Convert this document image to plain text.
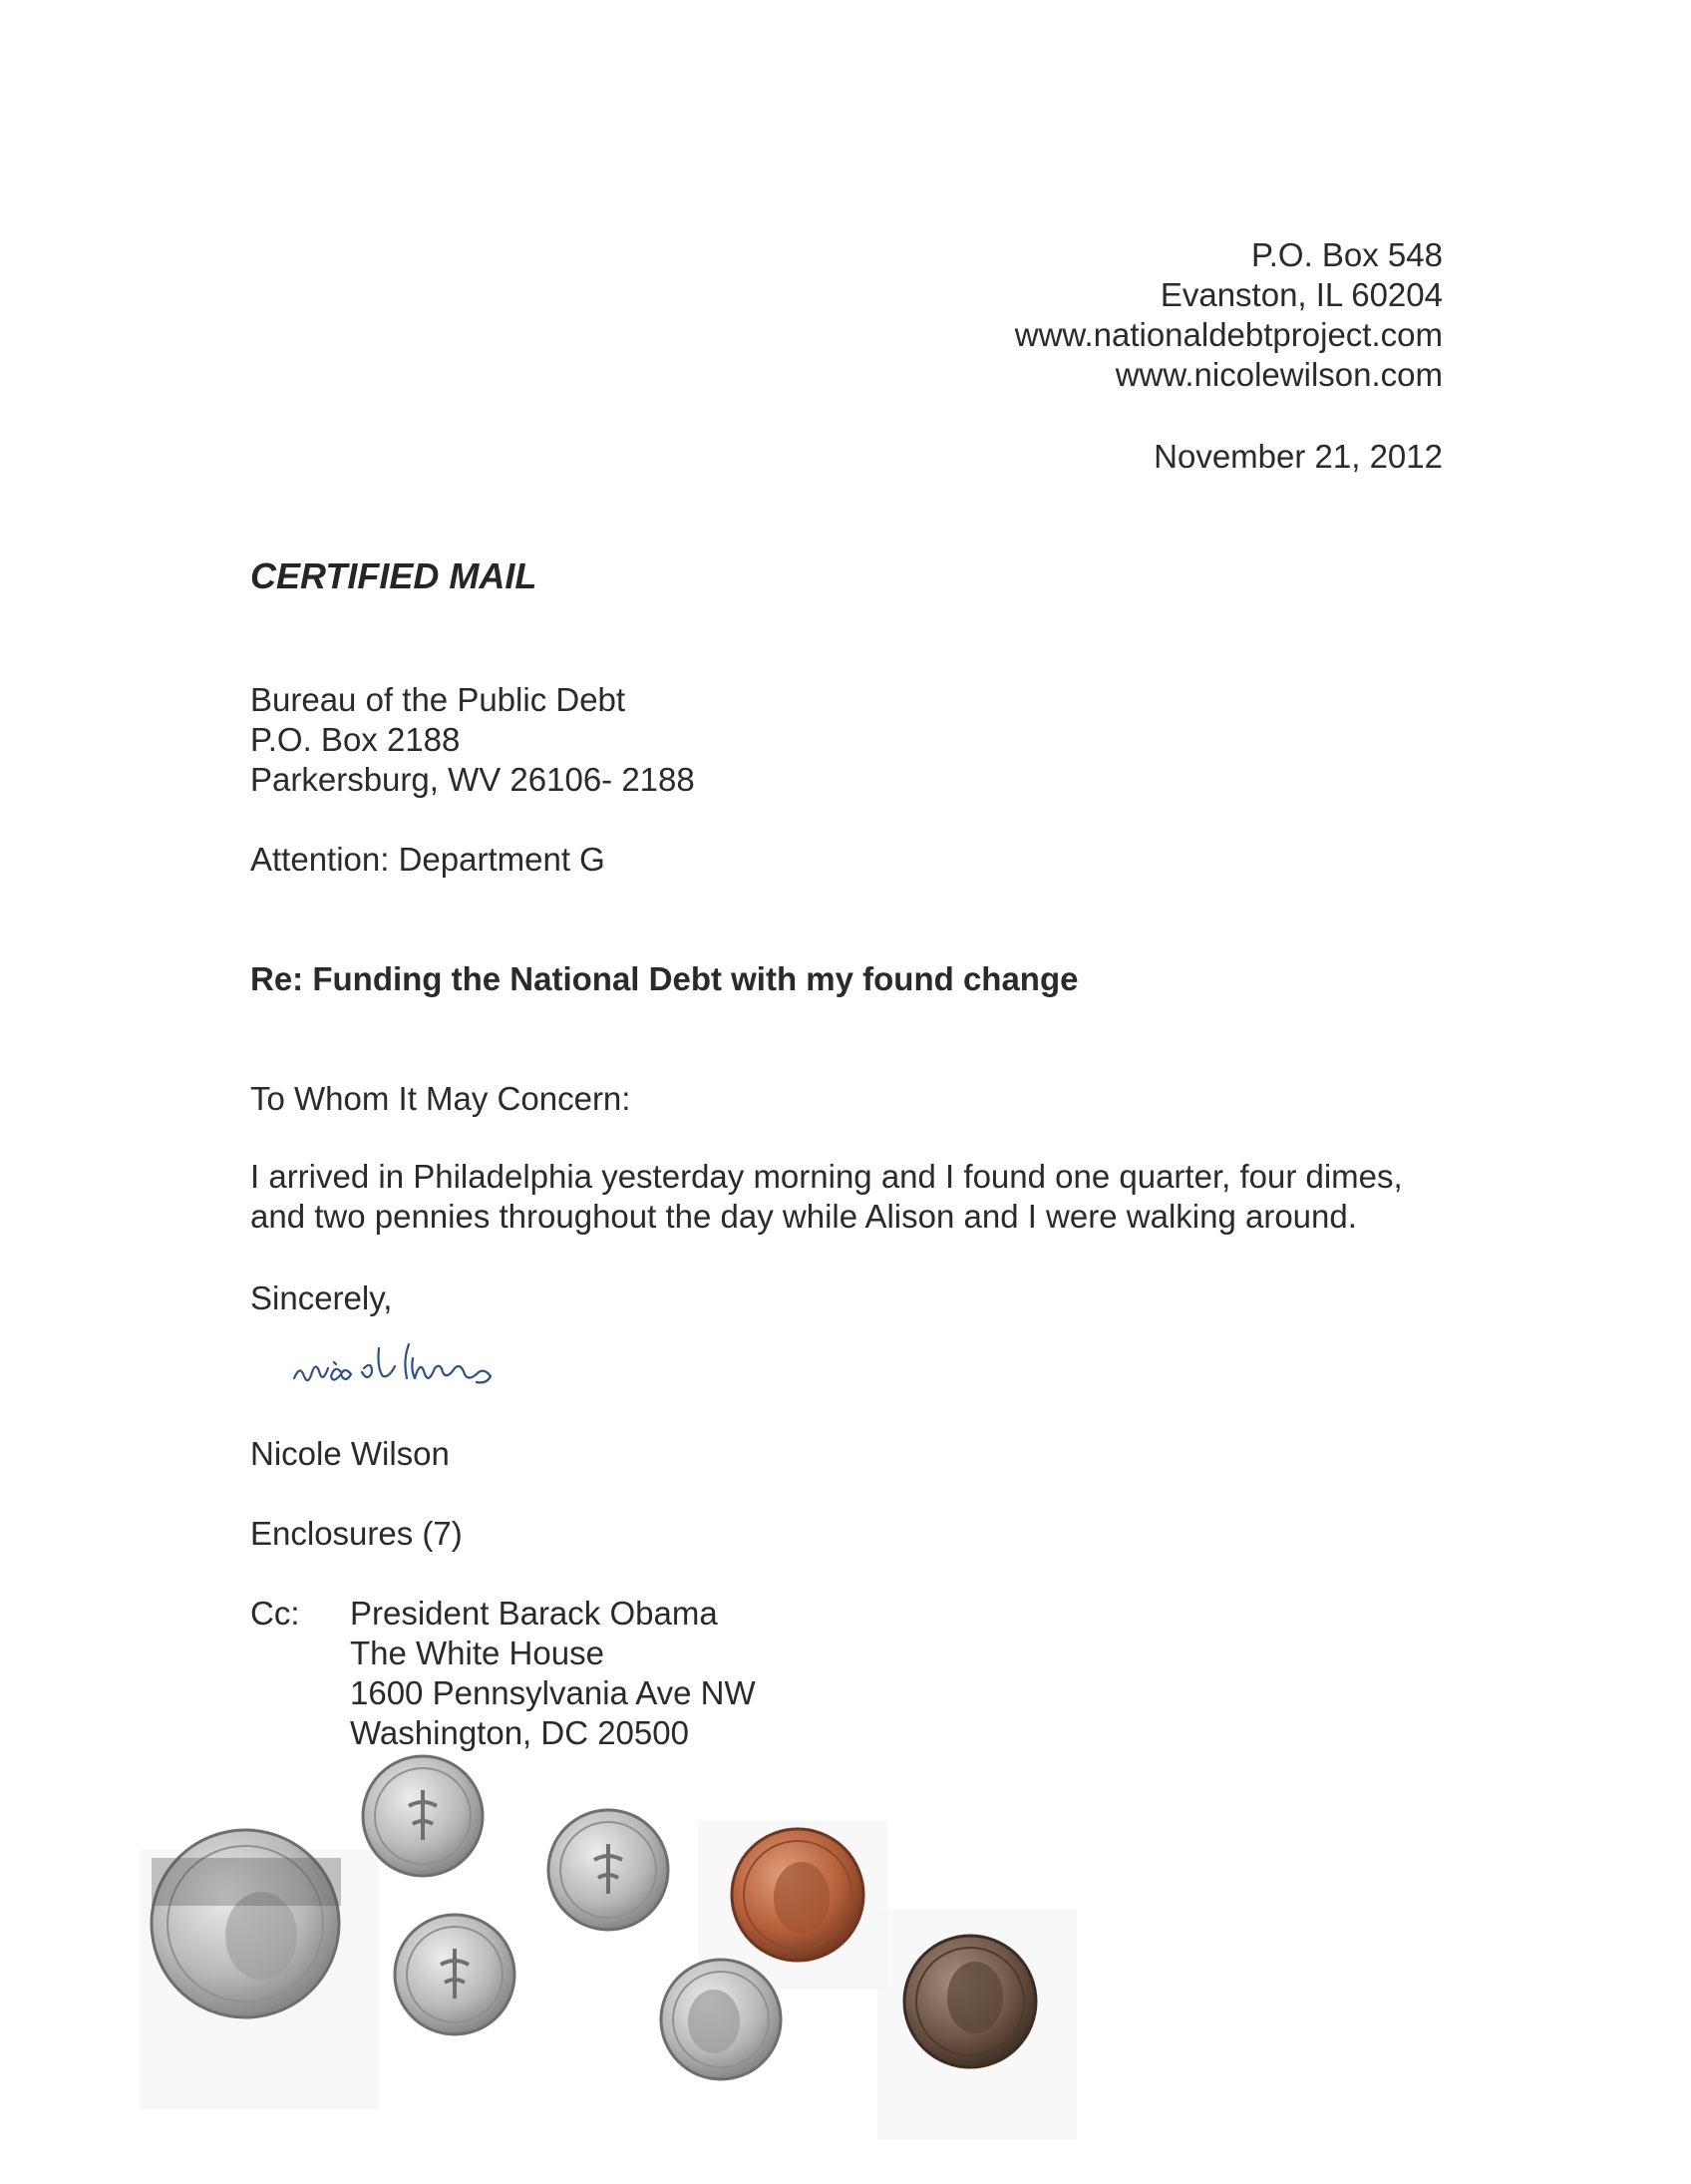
P.O. Box 548
Evanston, IL 60204
www.nationaldebtproject.com
www.nicolewilson.com
November 21, 2012
CERTIFIED MAIL
Bureau of the Public Debt
P.O. Box 2188
Parkersburg, WV 26106- 2188
Attention: Department G
Re: Funding the National Debt with my found change
To Whom It May Concern:
I arrived in Philadelphia yesterday morning and I found one quarter, four dimes,
and two pennies throughout the day while Alison and I were walking around.
Sincerely,
Nicole Wilson
Enclosures (7)
Cc: President Barack Obama
The White House
1600 Pennsylvania Ave NW
Washington, DC 20500
